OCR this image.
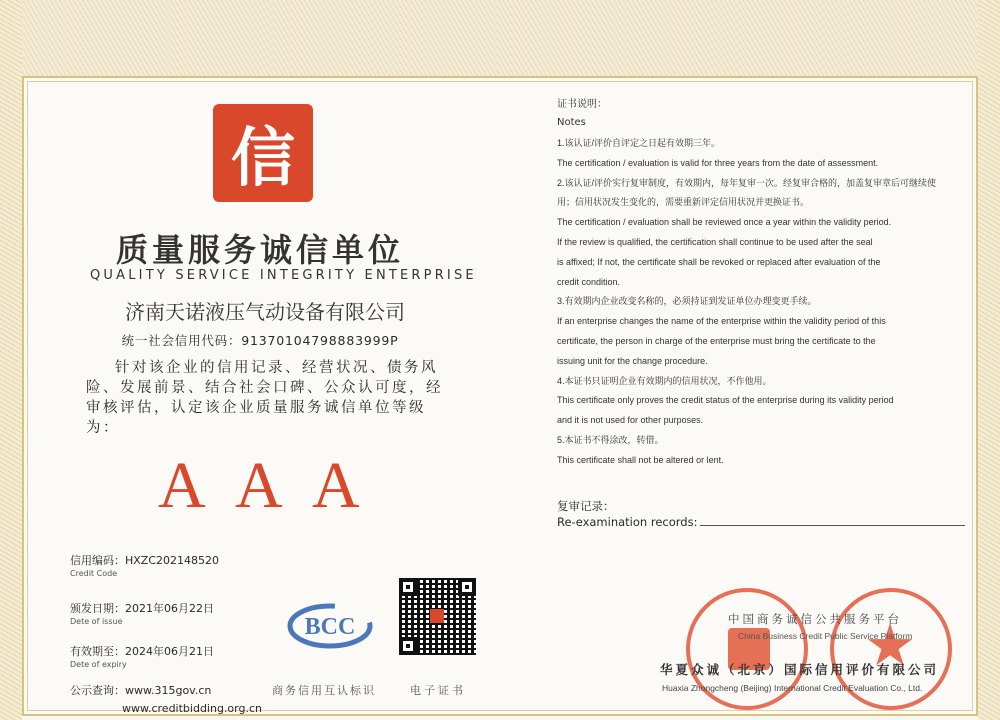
信
质量服务诚信单位
QUALITY SERVICE INTEGRITY ENTERPRISE
济南天诺液压气动设备有限公司
统一社会信用代码：91370104798883999P
针对该企业的信用记录、经营状况、债务风险、发展前景、结合社会口碑、公众认可度，经审核评估，认定该企业质量服务诚信单位等级为：
A A A
信用编码：HXZC202148520
Credit Code
颁发日期：2021年06月22日
Dete of issue
有效期至：2024年06月21日
Dete of expiry
公示查询：www.315gov.cn
www.creditbidding.org.cn
BCC
商务信用互认标识	电子证书
证书说明：
Notes
1.该认证/评价自评定之日起有效期三年。
The certification / evaluation is valid for three years from the date of assessment.
2.该认证/评价实行复审制度，有效期内，每年复审一次。经复审合格的，加盖复审章后可继续使
用；信用状况发生变化的，需要重新评定信用状况并更换证书。
The certification / evaluation shall be reviewed once a year within the validity period.
If the review is qualified, the certification shall continue to be used after the seal
is affixed; If not, the certificate shall be revoked or replaced after evaluation of the
credit condition.
3.有效期内企业改变名称的，必须持证到发证单位办理变更手续。
If an enterprise changes the name of the enterprise within the validity period of this
certificate, the person in charge of the enterprise must bring the certificate to the
issuing unit for the change procedure.
4.本证书只证明企业有效期内的信用状况，不作他用。
This certificate only proves the credit status of the enterprise during its validity period
and it is not used for other purposes.
5.本证书不得涂改，转借。
This certificate shall not be altered or lent.
复审记录：
Re-examination records:
★
中国商务诚信公共服务平台
China Business Credit Public Service Platform
华夏众诚（北京）国际信用评价有限公司
Huaxia Zhongcheng (Beijing) International Credit Evaluation Co., Ltd.
